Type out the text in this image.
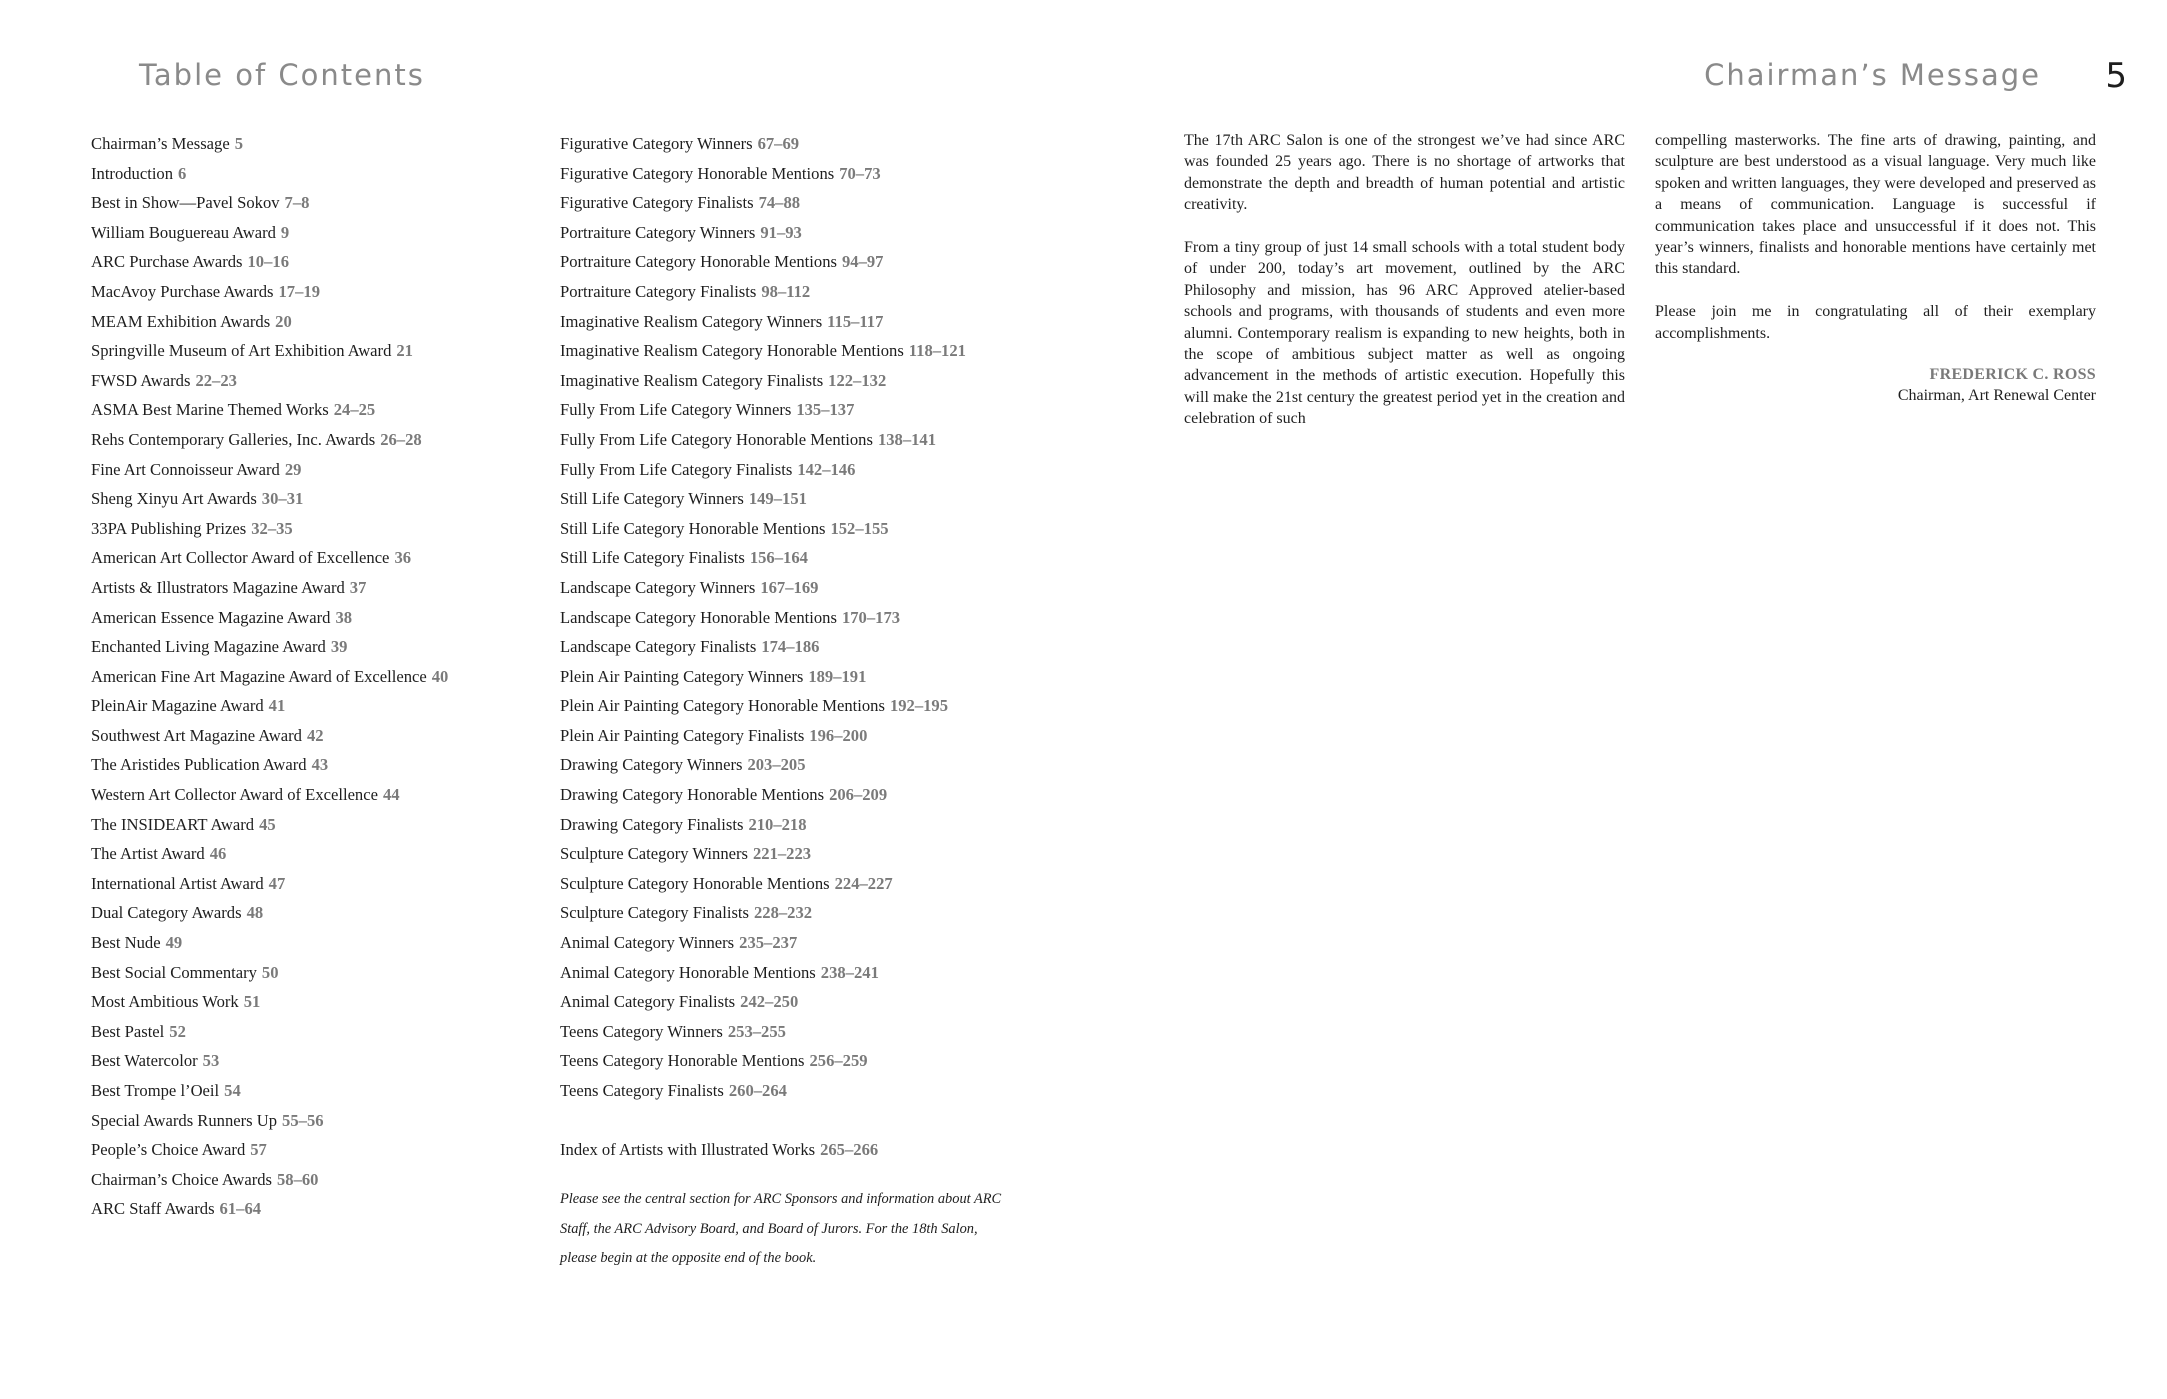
Table of Contents
Chairman’s Message 5
Introduction 6
Best in Show—Pavel Sokov 7–8
William Bouguereau Award 9
ARC Purchase Awards 10–16
MacAvoy Purchase Awards 17–19
MEAM Exhibition Awards 20
Springville Museum of Art Exhibition Award 21
FWSD Awards 22–23
ASMA Best Marine Themed Works 24–25
Rehs Contemporary Galleries, Inc. Awards 26–28
Fine Art Connoisseur Award 29
Sheng Xinyu Art Awards 30–31
33PA Publishing Prizes 32–35
American Art Collector Award of Excellence 36
Artists & Illustrators Magazine Award 37
American Essence Magazine Award 38
Enchanted Living Magazine Award 39
American Fine Art Magazine Award of Excellence 40
PleinAir Magazine Award 41
Southwest Art Magazine Award 42
The Aristides Publication Award 43
Western Art Collector Award of Excellence 44
The INSIDEART Award 45
The Artist Award 46
International Artist Award 47
Dual Category Awards 48
Best Nude 49
Best Social Commentary 50
Most Ambitious Work 51
Best Pastel 52
Best Watercolor 53
Best Trompe l’Oeil 54
Special Awards Runners Up 55–56
People’s Choice Award 57
Chairman’s Choice Awards 58–60
ARC Staff Awards 61–64
Figurative Category Winners 67–69
Figurative Category Honorable Mentions 70–73
Figurative Category Finalists 74–88
Portraiture Category Winners 91–93
Portraiture Category Honorable Mentions 94–97
Portraiture Category Finalists 98–112
Imaginative Realism Category Winners 115–117
Imaginative Realism Category Honorable Mentions 118–121
Imaginative Realism Category Finalists 122–132
Fully From Life Category Winners 135–137
Fully From Life Category Honorable Mentions 138–141
Fully From Life Category Finalists 142–146
Still Life Category Winners 149–151
Still Life Category Honorable Mentions 152–155
Still Life Category Finalists 156–164
Landscape Category Winners 167–169
Landscape Category Honorable Mentions 170–173
Landscape Category Finalists 174–186
Plein Air Painting Category Winners 189–191
Plein Air Painting Category Honorable Mentions 192–195
Plein Air Painting Category Finalists 196–200
Drawing Category Winners 203–205
Drawing Category Honorable Mentions 206–209
Drawing Category Finalists 210–218
Sculpture Category Winners 221–223
Sculpture Category Honorable Mentions 224–227
Sculpture Category Finalists 228–232
Animal Category Winners 235–237
Animal Category Honorable Mentions 238–241
Animal Category Finalists 242–250
Teens Category Winners 253–255
Teens Category Honorable Mentions 256–259
Teens Category Finalists 260–264
Index of Artists with Illustrated Works 265–266
Please see the central section for ARC Sponsors and information about ARC Staff, the ARC Advisory Board, and Board of Jurors. For the 18th Salon, please begin at the opposite end of the book.
Chairman’s Message 5

The 17th ARC Salon is one of the strongest we’ve had since ARC was founded 25 years ago. There is no shortage of artworks that demonstrate the depth and breadth of human potential and artistic creativity.

From a tiny group of just 14 small schools with a total student body of under 200, today’s art movement, outlined by the ARC Philosophy and mission, has 96 ARC Approved atelier-based schools and programs, with thousands of students and even more alumni. Contemporary realism is expanding to new heights, both in the scope of ambitious subject matter as well as ongoing advancement in the methods of artistic execution. Hopefully this will make the 21st century the greatest period yet in the creation and celebration of such

compelling masterworks. The fine arts of drawing, painting, and sculpture are best understood as a visual language. Very much like spoken and written languages, they were developed and preserved as a means of communication. Language is successful if communication takes place and unsuccessful if it does not. This year’s winners, finalists and honorable mentions have certainly met this standard.

Please join me in congratulating all of their exemplary accomplishments.

FREDERICK C. ROSS
Chairman, Art Renewal Center
